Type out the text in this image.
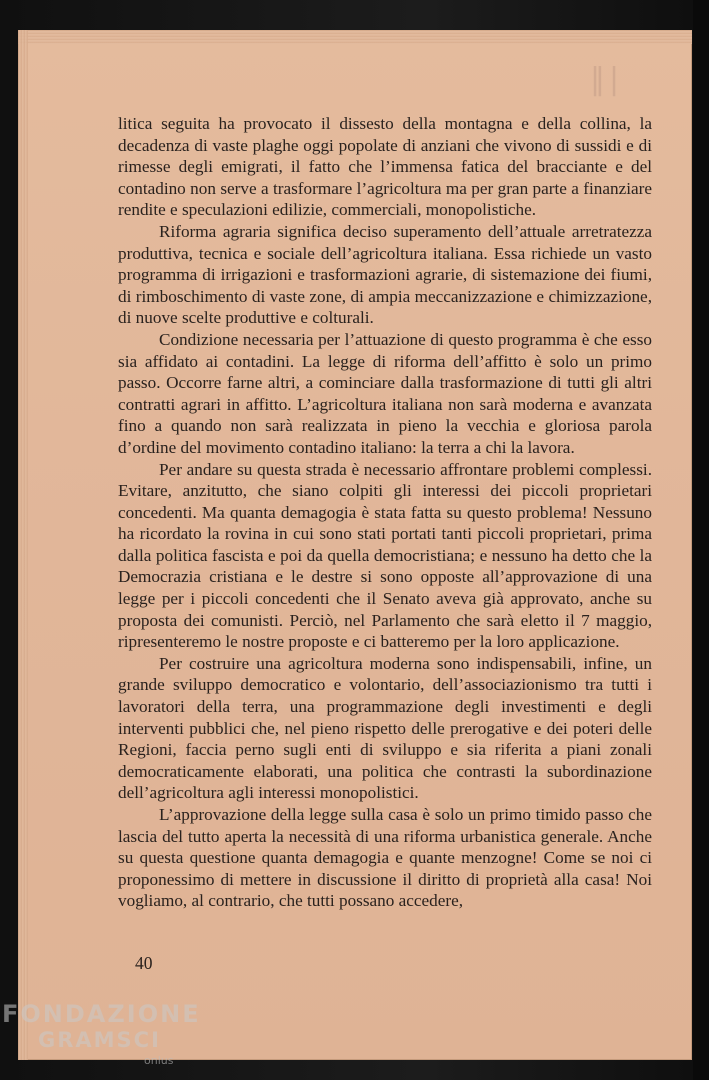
‖|

litica seguita ha provocato il dissesto della montagna e della collina, la decadenza di vaste plaghe oggi popolate di anziani che vivono di sussidi e di rimesse degli emigrati, il fatto che l’immensa fatica del bracciante e del contadino non serve a trasformare l’agricoltura ma per gran parte a finanziare rendite e speculazioni edilizie, commerciali, monopolistiche.

Riforma agraria significa deciso superamento dell’attuale arretratezza produttiva, tecnica e sociale dell’agricoltura italiana. Essa richiede un vasto programma di irrigazioni e trasformazioni agrarie, di sistemazione dei fiumi, di rimboschimento di vaste zone, di ampia meccanizzazione e chimizzazione, di nuove scelte produttive e colturali.

Condizione necessaria per l’attuazione di questo programma è che esso sia affidato ai contadini. La legge di riforma dell’affitto è solo un primo passo. Occorre farne altri, a cominciare dalla trasformazione di tutti gli altri contratti agrari in affitto. L’agricoltura italiana non sarà moderna e avanzata fino a quando non sarà realizzata in pieno la vecchia e gloriosa parola d’ordine del movimento contadino italiano: la terra a chi la lavora.

Per andare su questa strada è necessario affrontare problemi complessi. Evitare, anzitutto, che siano colpiti gli interessi dei piccoli proprietari concedenti. Ma quanta demagogia è stata fatta su questo problema! Nessuno ha ricordato la rovina in cui sono stati portati tanti piccoli proprietari, prima dalla politica fascista e poi da quella democristiana; e nessuno ha detto che la Democrazia cristiana e le destre si sono opposte all’approvazione di una legge per i piccoli concedenti che il Senato aveva già approvato, anche su proposta dei comunisti. Perciò, nel Parlamento che sarà eletto il 7 maggio, ripresenteremo le nostre proposte e ci batteremo per la loro applicazione.

Per costruire una agricoltura moderna sono indispensabili, infine, un grande sviluppo democratico e volontario, dell’associazionismo tra tutti i lavoratori della terra, una programmazione degli investimenti e degli interventi pubblici che, nel pieno rispetto delle prerogative e dei poteri delle Regioni, faccia perno sugli enti di sviluppo e sia riferita a piani zonali democraticamente elaborati, una politica che contrasti la subordinazione dell’agricoltura agli interessi monopolistici.

L’approvazione della legge sulla casa è solo un primo timido passo che lascia del tutto aperta la necessità di una riforma urbanistica generale. Anche su questa questione quanta demagogia e quante menzogne! Come se noi ci proponessimo di mettere in discussione il diritto di proprietà alla casa! Noi vogliamo, al contrario, che tutti possano accedere,

40
FONDAZIONE
GRAMSCI
onlus
